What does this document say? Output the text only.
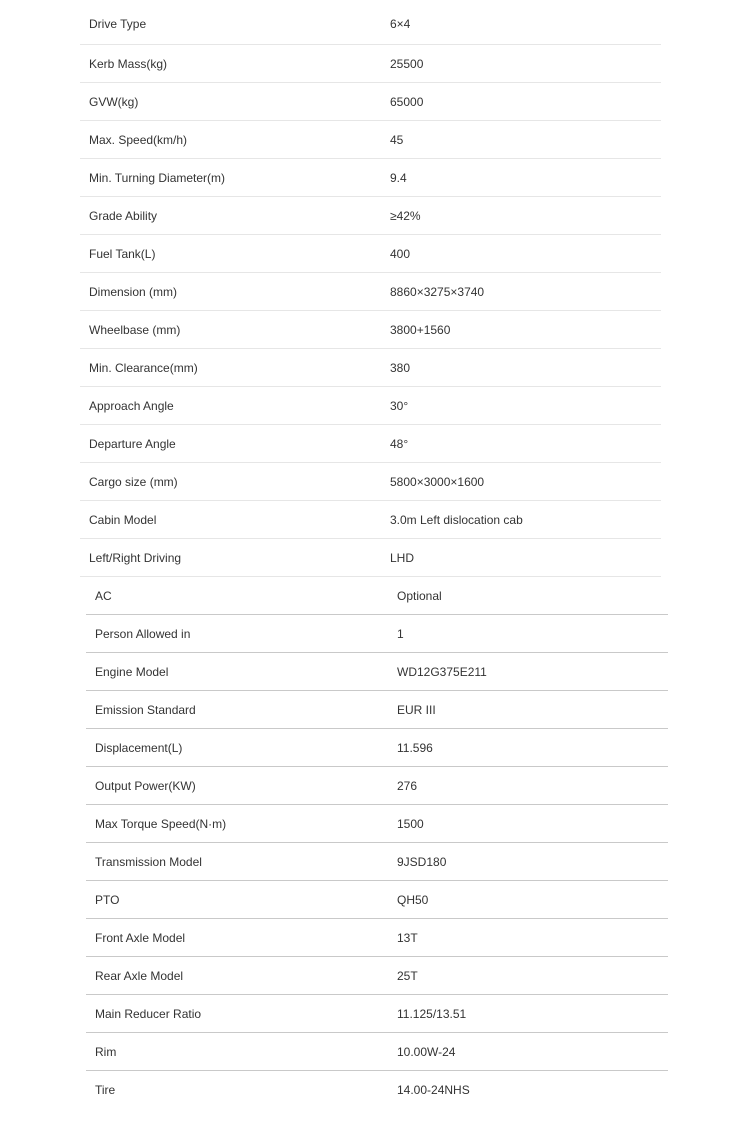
Drive Type	6×4
Kerb Mass(kg)	25500
GVW(kg)	65000
Max. Speed(km/h)	45
Min. Turning Diameter(m)	9.4
Grade Ability	≥42%
Fuel Tank(L)	400
Dimension (mm)	8860×3275×3740
Wheelbase (mm)	3800+1560
Min. Clearance(mm)	380
Approach Angle	30°
Departure Angle	48°
Cargo size (mm)	5800×3000×1600
Cabin Model	3.0m Left dislocation cab
Left/Right Driving	LHD
AC	Optional
Person Allowed in	1
Engine Model	WD12G375E211
Emission Standard	EUR III
Displacement(L)	11.596
Output Power(KW)	276
Max Torque Speed(N·m)	1500
Transmission Model	9JSD180
PTO	QH50
Front Axle Model	13T
Rear Axle Model	25T
Main Reducer Ratio	11.125/13.51
Rim	10.00W-24
Tire	14.00-24NHS
